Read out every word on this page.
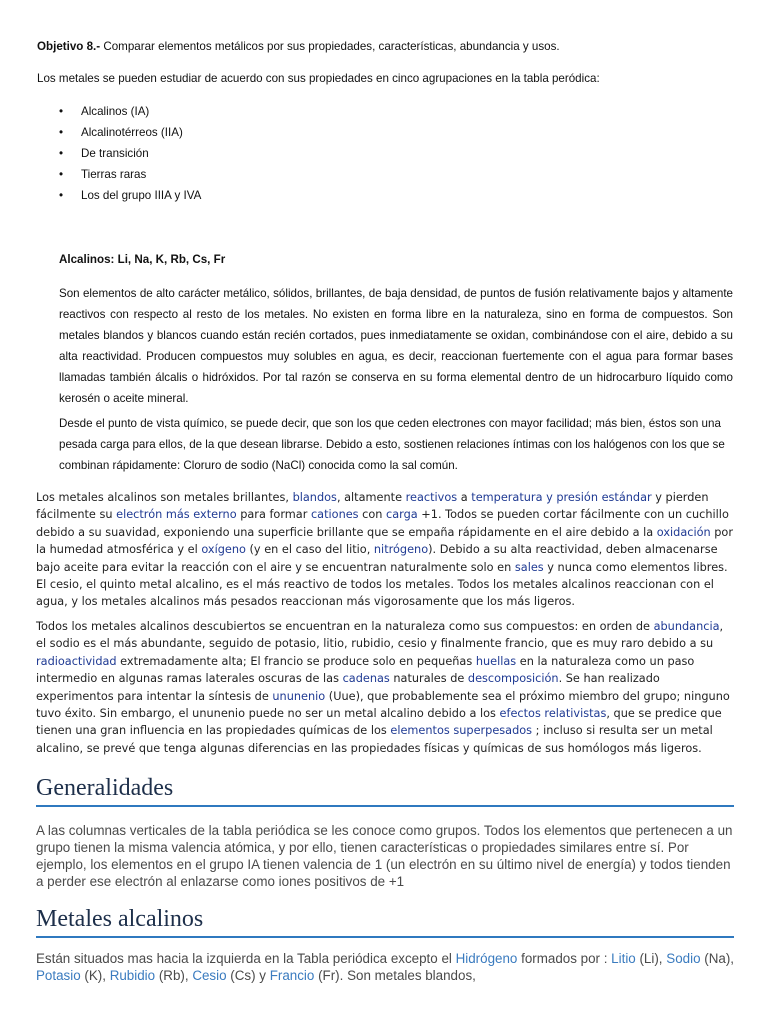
Objetivo 8.- Comparar elementos metálicos por sus propiedades, características, abundancia y usos.
Los metales se pueden estudiar de acuerdo con sus propiedades en cinco agrupaciones en la tabla peródica:
• Alcalinos (IA)
• Alcalinotérreos (IIA)
• De transición
• Tierras raras
• Los del grupo IIIA y IVA
Alcalinos: Li, Na, K, Rb, Cs, Fr
Son elementos de alto carácter metálico, sólidos, brillantes, de baja densidad, de puntos de fusión relativamente bajos y altamente reactivos con respecto al resto de los metales. No existen en forma libre en la naturaleza, sino en forma de compuestos. Son metales blandos y blancos cuando están recién cortados, pues inmediatamente se oxidan, combinándose con el aire, debido a su alta reactividad. Producen compuestos muy solubles en agua, es decir, reaccionan fuertemente con el agua para formar bases llamadas también álcalis o hidróxidos. Por tal razón se conserva en su forma elemental dentro de un hidrocarburo líquido como kerosén o aceite mineral.
Desde el punto de vista químico, se puede decir, que son los que ceden electrones con mayor facilidad; más bien, éstos son una pesada carga para ellos, de la que desean librarse. Debido a esto, sostienen relaciones íntimas con los halógenos con los que se combinan rápidamente: Cloruro de sodio (NaCl) conocida como la sal común.
Los metales alcalinos son metales brillantes, blandos, altamente reactivos a temperatura y presión estándar y pierden fácilmente su electrón más externo para formar cationes con carga +1. Todos se pueden cortar fácilmente con un cuchillo debido a su suavidad, exponiendo una superficie brillante que se empaña rápidamente en el aire debido a la oxidación por la humedad atmosférica y el oxígeno (y en el caso del litio, nitrógeno). Debido a su alta reactividad, deben almacenarse bajo aceite para evitar la reacción con el aire y se encuentran naturalmente solo en sales y nunca como elementos libres. El cesio, el quinto metal alcalino, es el más reactivo de todos los metales. Todos los metales alcalinos reaccionan con el agua, y los metales alcalinos más pesados reaccionan más vigorosamente que los más ligeros.
Todos los metales alcalinos descubiertos se encuentran en la naturaleza como sus compuestos: en orden de abundancia, el sodio es el más abundante, seguido de potasio, litio, rubidio, cesio y finalmente francio, que es muy raro debido a su radioactividad extremadamente alta; El francio se produce solo en pequeñas huellas en la naturaleza como un paso intermedio en algunas ramas laterales oscuras de las cadenas naturales de descomposición. Se han realizado experimentos para intentar la síntesis de ununenio (Uue), que probablemente sea el próximo miembro del grupo; ninguno tuvo éxito. Sin embargo, el ununenio puede no ser un metal alcalino debido a los efectos relativistas, que se predice que tienen una gran influencia en las propiedades químicas de los elementos superpesados ; incluso si resulta ser un metal alcalino, se prevé que tenga algunas diferencias en las propiedades físicas y químicas de sus homólogos más ligeros.
Generalidades
A las columnas verticales de la tabla periódica se les conoce como grupos. Todos los elementos que pertenecen a un grupo tienen la misma valencia atómica, y por ello, tienen características o propiedades similares entre sí. Por ejemplo, los elementos en el grupo IA tienen valencia de 1 (un electrón en su último nivel de energía) y todos tienden a perder ese electrón al enlazarse como iones positivos de +1
Metales alcalinos
Están situados mas hacia la izquierda en la Tabla periódica excepto el Hidrógeno formados por : Litio (Li), Sodio (Na), Potasio (K), Rubidio (Rb), Cesio (Cs) y Francio (Fr). Son metales blandos,
